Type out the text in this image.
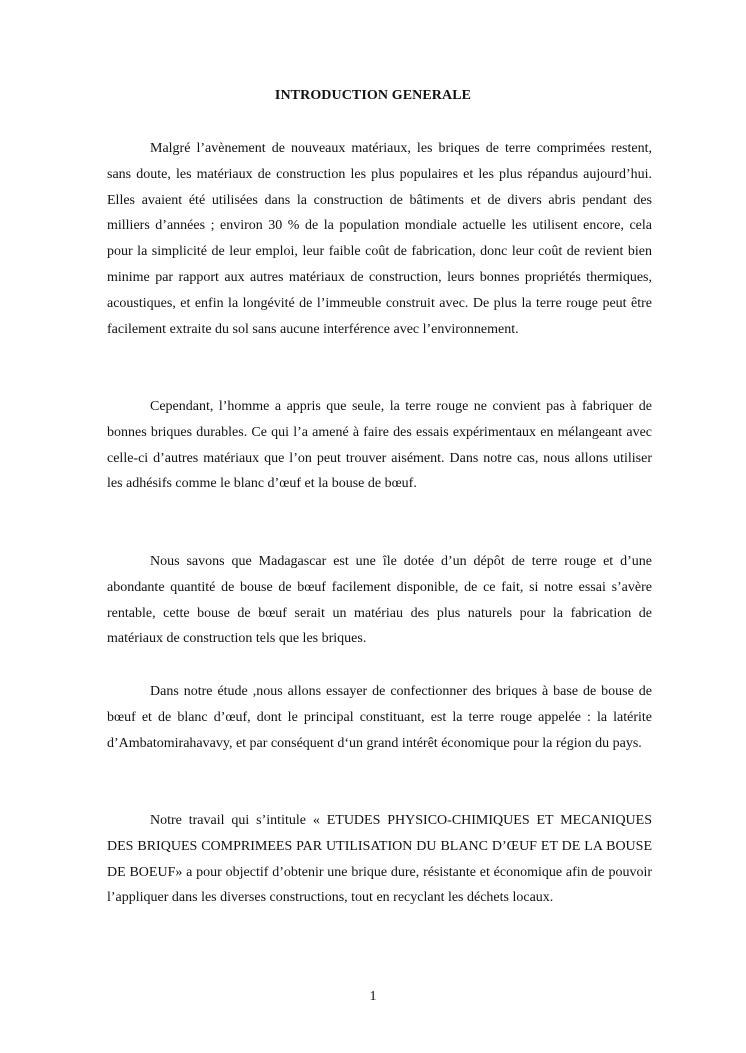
INTRODUCTION GENERALE

Malgré l’avènement de nouveaux matériaux, les briques de terre comprimées restent, sans doute, les matériaux de construction les plus populaires et les plus répandus aujourd’hui. Elles avaient été utilisées dans la construction de bâtiments et de divers abris pendant des milliers d’années ; environ 30 % de la population mondiale actuelle les utilisent encore, cela pour la simplicité de leur emploi, leur faible coût de fabrication, donc leur coût de revient bien minime par rapport aux autres matériaux de construction, leurs bonnes propriétés thermiques, acoustiques, et enfin la longévité de l’immeuble construit avec. De plus la terre rouge peut être facilement extraite du sol sans aucune interférence avec l’environnement.

Cependant, l’homme a appris que seule, la terre rouge ne convient pas à fabriquer de bonnes briques durables. Ce qui l’a amené à faire des essais expérimentaux en mélangeant avec celle-ci d’autres matériaux que l’on peut trouver aisément. Dans notre cas, nous allons utiliser les adhésifs comme le blanc d’œuf et la bouse de bœuf.

Nous savons que Madagascar est une île dotée d’un dépôt de terre rouge et d’une abondante quantité de bouse de bœuf facilement disponible, de ce fait, si notre essai s’avère rentable, cette bouse de bœuf serait un matériau des plus naturels pour la fabrication de matériaux de construction tels que les briques.

Dans notre étude ,nous allons essayer de confectionner des briques à base de bouse de bœuf et de blanc d’œuf, dont le principal constituant, est la terre rouge appelée : la latérite d’Ambatomirahavavy, et par conséquent d‘un grand intérêt économique pour la région du pays.

Notre travail qui s’intitule « ETUDES PHYSICO-CHIMIQUES ET MECANIQUES DES BRIQUES COMPRIMEES PAR UTILISATION DU BLANC D’ŒUF ET DE LA BOUSE DE BOEUF» a pour objectif d’obtenir une brique dure, résistante et économique afin de pouvoir l’appliquer dans les diverses constructions, tout en recyclant les déchets locaux.

1
